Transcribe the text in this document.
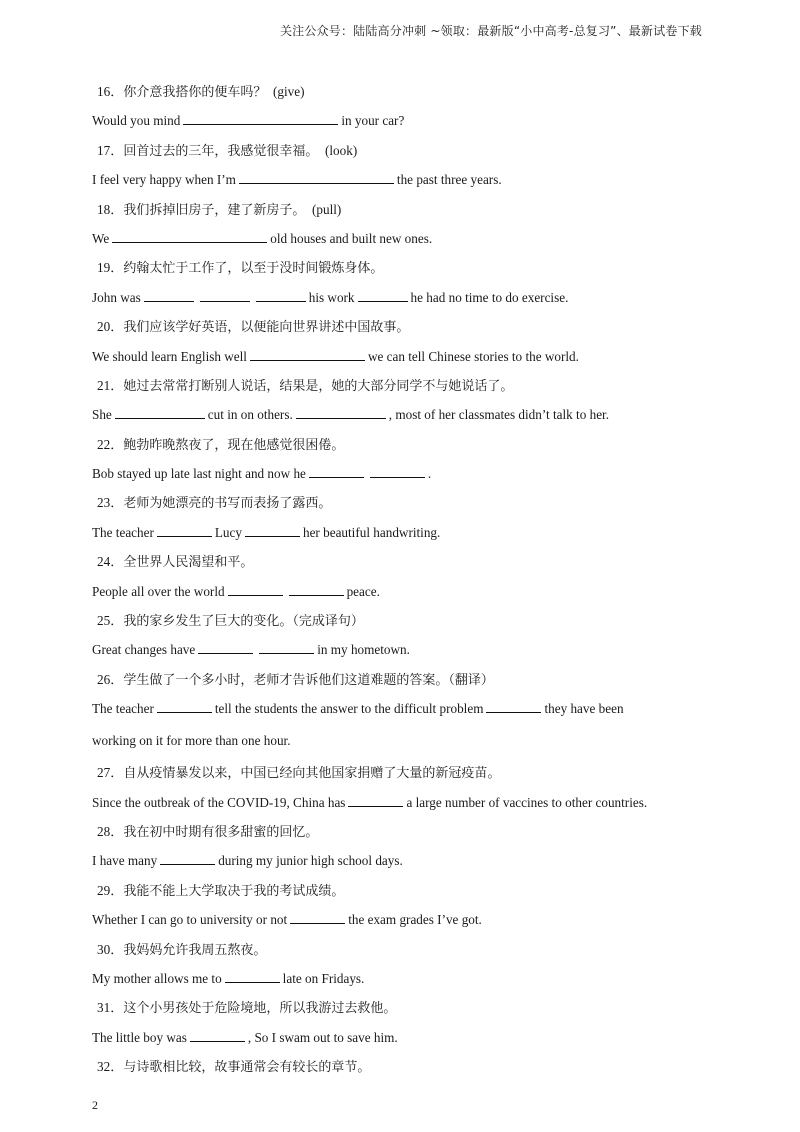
关注公众号：陆陆高分冲刺 ~领取：最新版“小中高考-总复习”、最新试卷下载
16．你介意我搭你的便车吗？ (give)
Would you mind	in your car?
17．回首过去的三年，我感觉很幸福。 (look)
I feel very happy when I’m	the past three years.
18．我们拆掉旧房子，建了新房子。 (pull)
We	old houses and built new ones.
19．约翰太忙于工作了，以至于没时间锻炼身体。
John was	his work	he had no time to do exercise.
20．我们应该学好英语，以便能向世界讲述中国故事。
We should learn English well	we can tell Chinese stories to the world.
21．她过去常常打断别人说话，结果是，她的大部分同学不与她说话了。
She	cut in on others.	, most of her classmates didn’t talk to her.
22．鲍勃昨晚熬夜了，现在他感觉很困倦。
Bob stayed up late last night and now he	.
23．老师为她漂亮的书写而表扬了露西。
The teacher	Lucy	her beautiful handwriting.
24．全世界人民渴望和平。
People all over the world	peace.
25．我的家乡发生了巨大的变化。（完成译句）
Great changes have	in my hometown.
26．学生做了一个多小时，老师才告诉他们这道难题的答案。（翻译）
The teacher	tell the students the answer to the difficult problem	they have been
working on it for more than one hour.
27．自从疫情暴发以来，中国已经向其他国家捐赠了大量的新冠疫苗。
Since the outbreak of the COVID-19, China has	a large number of vaccines to other countries.
28．我在初中时期有很多甜蜜的回忆。
I have many	during my junior high school days.
29．我能不能上大学取决于我的考试成绩。
Whether I can go to university or not	the exam grades I’ve got.
30．我妈妈允许我周五熬夜。
My mother allows me to	late on Fridays.
31．这个小男孩处于危险境地，所以我游过去救他。
The little boy was	, So I swam out to save him.
32．与诗歌相比较，故事通常会有较长的章节。
2
